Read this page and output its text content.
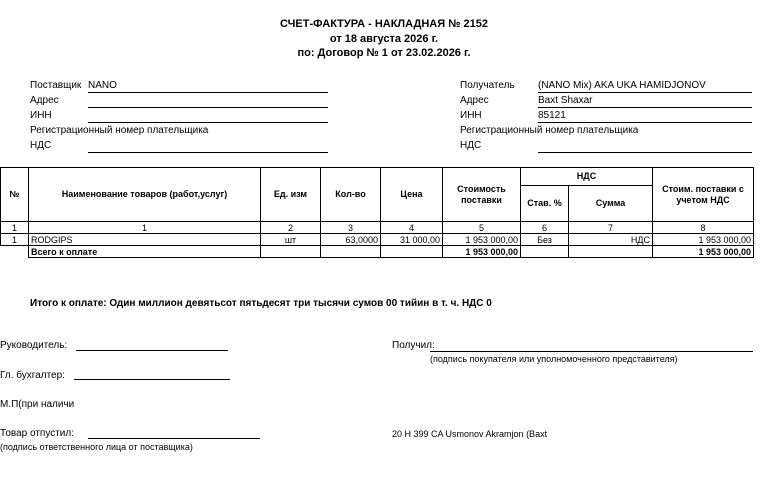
СЧЕТ-ФАКТУРА - НАКЛАДНАЯ № 2152
от 18 августа 2026 г.
по: Договор № 1 от 23.02.2026 г.
Поставщик NANO
Адрес
ИНН
Регистрационный номер плательщика
НДС
Получатель (NANO Mix) AKA UKA HAMIDJONOV
Адрес	Baxt Shaxar
ИНН	85121
Регистрационный номер плательщика
НДС
№	Наименование товаров (работ,услуг)	Ед. изм	Кол-во	Цена	Стоимость поставки	НДС		Стоим. поставки с учетом НДС
						Став. %	Сумма	
1	1	2	3	4	5	6	7	8
1	RODGIPS	шт	63,0000	31 000,00	1 953 000,00	Без	НДС	1 953 000,00
	Всего к оплате				1 953 000,00			1 953 000,00
Итого к оплате: Один миллион девятьсот пятьдесят три тысячи сумов 00 тийин в т. ч. НДС 0
Руководитель:
Гл. бухгалтер:
М.П(при наличи
Товар отпустил:
(подпись ответственного лица от поставщика)
Получил:
(подпись покупателя или уполномоченного представителя)
20 H 399 CA Usmonov Akramjon (Baxt
